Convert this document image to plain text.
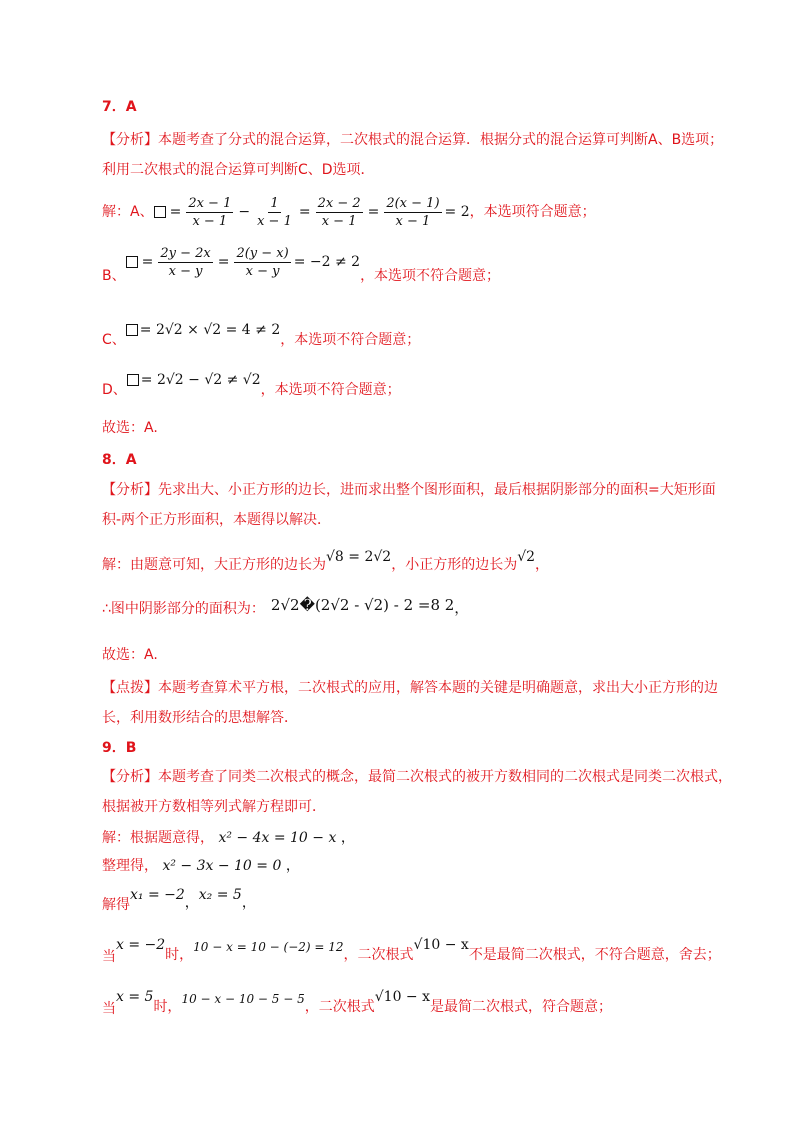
7．A
【分析】本题考查了分式的混合运算，二次根式的混合运算．根据分式的混合运算可判断A、B选项；
利用二次根式的混合运算可判断C、D选项．
解：A、 = $\frac{2x - 1}{x - 1} - \frac{1}{x - 1} = \frac{2x - 2}{x - 1} = \frac{2(x - 1)}{x - 1} = 2$ ，本选项符合题意；
B、
= $\frac{2y - 2x}{x - y} = \frac{2(y - x)}{x - y} = -2 \ne 2$
，本选项不符合题意；
C、
= 2√2 × √2 = 4 ≠ 2
，本选项不符合题意；
D、
= 2√2 − √2 ≠ √2
，本选项不符合题意；
故选：A.
8．A
【分析】先求出大、小正方形的边长，进而求出整个图形面积，最后根据阴影部分的面积=大矩形面
积-两个正方形面积，本题得以解决．
解：由题意可知，大正方形的边长为 √8 = 2√2 ，小正方形的边长为 √2 ，
∴图中阴影部分的面积为： 2√2�(2√2 - √2) - 2 =8 2 ，
故选：A.
【点拨】本题考查算术平方根，二次根式的应用，解答本题的关键是明确题意，求出大小正方形的边
长，利用数形结合的思想解答．
9．B
【分析】本题考查了同类二次根式的概念，最简二次根式的被开方数相同的二次根式是同类二次根式，
根据被开方数相等列式解方程即可．
解：根据题意得， x² − 4x = 10 − x ，
整理得， x² − 3x − 10 = 0 ，
解得
x₁ = −2 ， x₂ = 5 ，
当
x = −2
时， 10 − x = 10 − (−2) = 12 ，二次根式
√10 − x
不是最简二次根式，不符合题意，舍去；
当
x = 5
时， 10 − x − 10 − 5 − 5 ，二次根式
√10 − x
是最简二次根式，符合题意；
